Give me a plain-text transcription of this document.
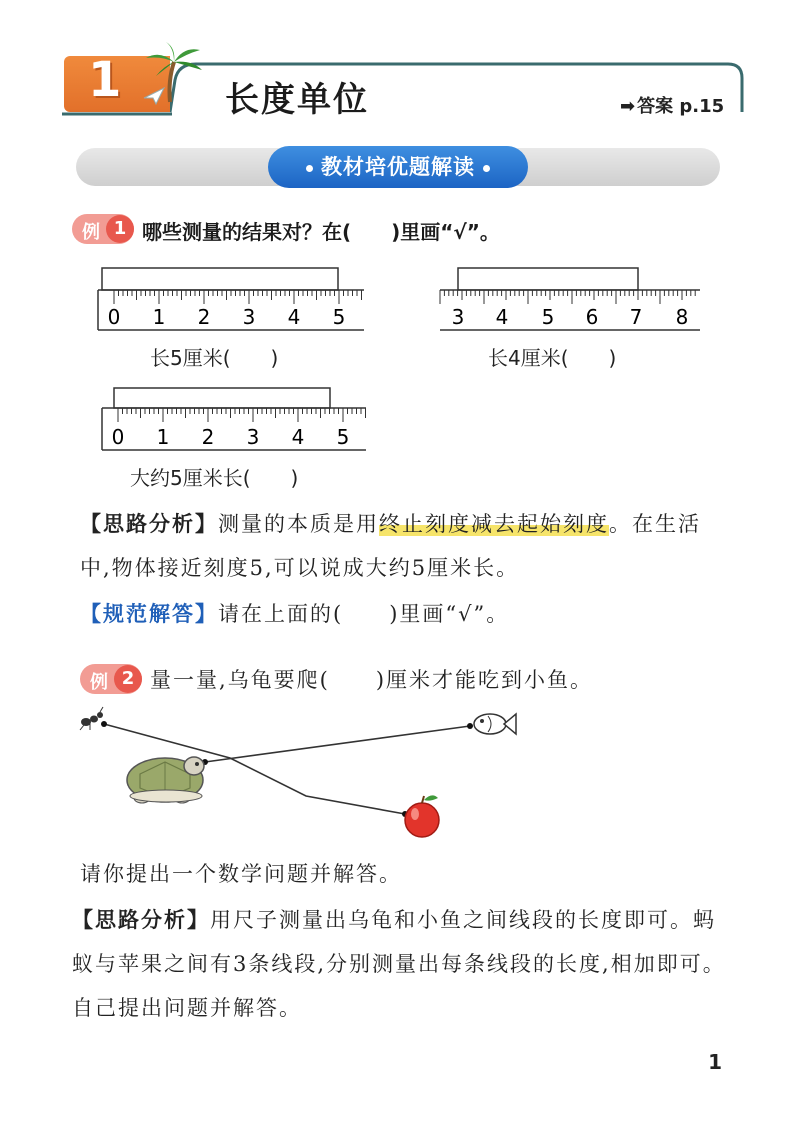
1	长度单位	➡ 答案 p.15
教材培优题解读
例 1 哪些测量的结果对？在(　　)里画“√”。
0 1 2 3 4 5
长5厘米(　　)
3 4 5 6 7 8
长4厘米(　　)
0 1 2 3 4 5
大约5厘米长(　　)
【思路分析】测量的本质是用终止刻度减去起始刻度。在生活中,物体接近刻度5,可以说成大约5厘米长。
【规范解答】请在上面的(　　)里画“√”。
例 2 量一量,乌龟要爬(　　)厘米才能吃到小鱼。
请你提出一个数学问题并解答。
【思路分析】用尺子测量出乌龟和小鱼之间线段的长度即可。蚂蚁与苹果之间有3条线段,分别测量出每条线段的长度,相加即可。自己提出问题并解答。
1
